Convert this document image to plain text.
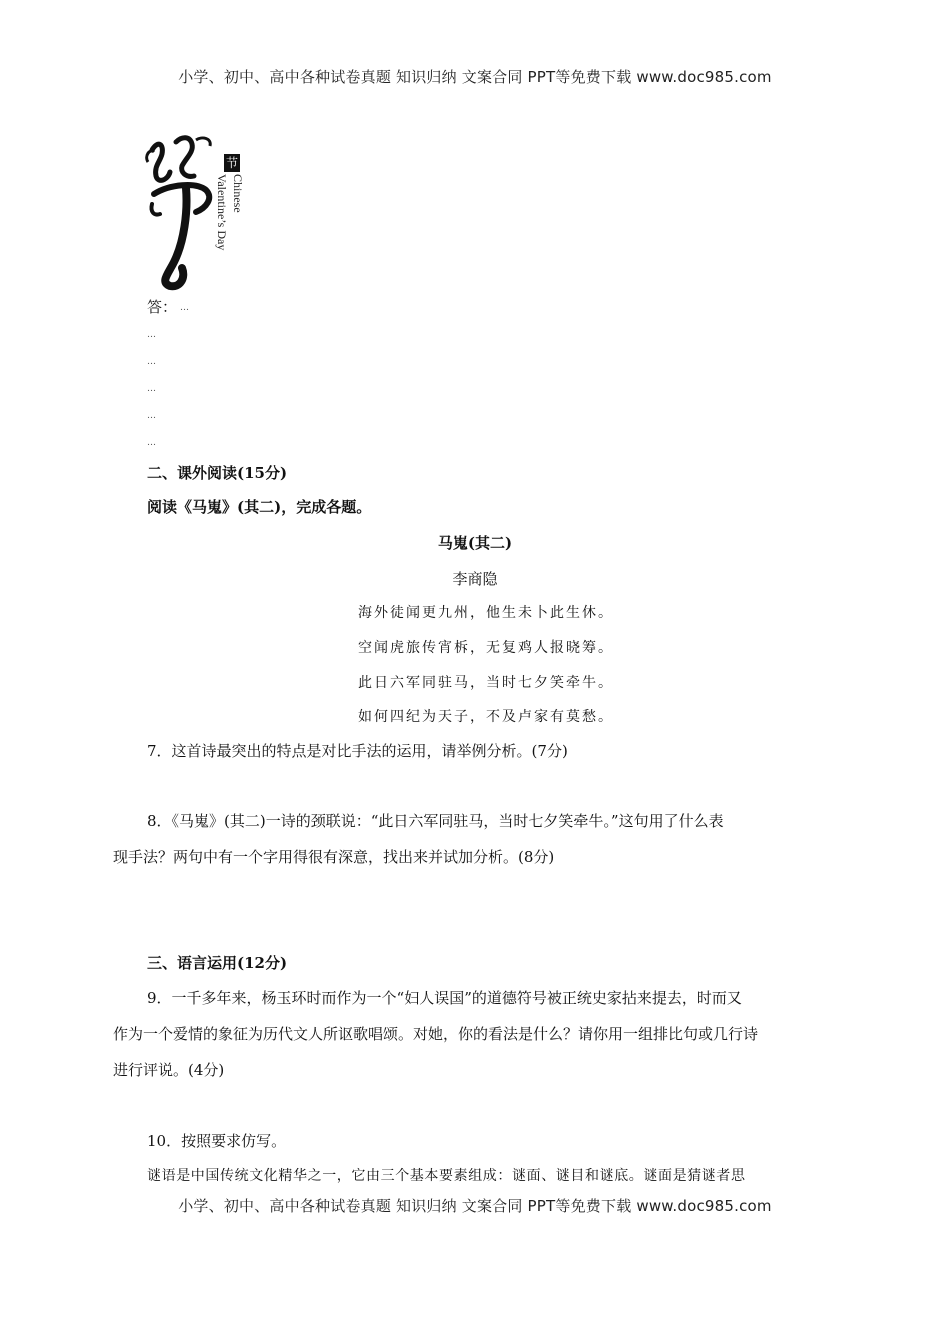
小学、初中、高中各种试卷真题 知识归纳 文案合同 PPT等免费下载 www.doc985.com
节
Chinese
Valentine’s Day
答： …
…
…
…
…
…
二、课外阅读(15分)
阅读《马嵬》(其二)，完成各题。
马嵬(其二)
李商隐
海外徒闻更九州，他生未卜此生休。
空闻虎旅传宵柝，无复鸡人报晓筹。
此日六军同驻马，当时七夕笑牵牛。
如何四纪为天子，不及卢家有莫愁。
7．这首诗最突出的特点是对比手法的运用，请举例分析。(7分)
8．《马嵬》(其二)一诗的颈联说：“此日六军同驻马，当时七夕笑牵牛。”这句用了什么表
现手法？两句中有一个字用得很有深意，找出来并试加分析。(8分)
三、语言运用(12分)
9．一千多年来，杨玉环时而作为一个“妇人误国”的道德符号被正统史家拈来提去，时而又
作为一个爱情的象征为历代文人所讴歌唱颂。对她，你的看法是什么？请你用一组排比句或几行诗
进行评说。(4分)
10．按照要求仿写。
谜语是中国传统文化精华之一，它由三个基本要素组成：谜面、谜目和谜底。谜面是猜谜者思
小学、初中、高中各种试卷真题 知识归纳 文案合同 PPT等免费下载 www.doc985.com
